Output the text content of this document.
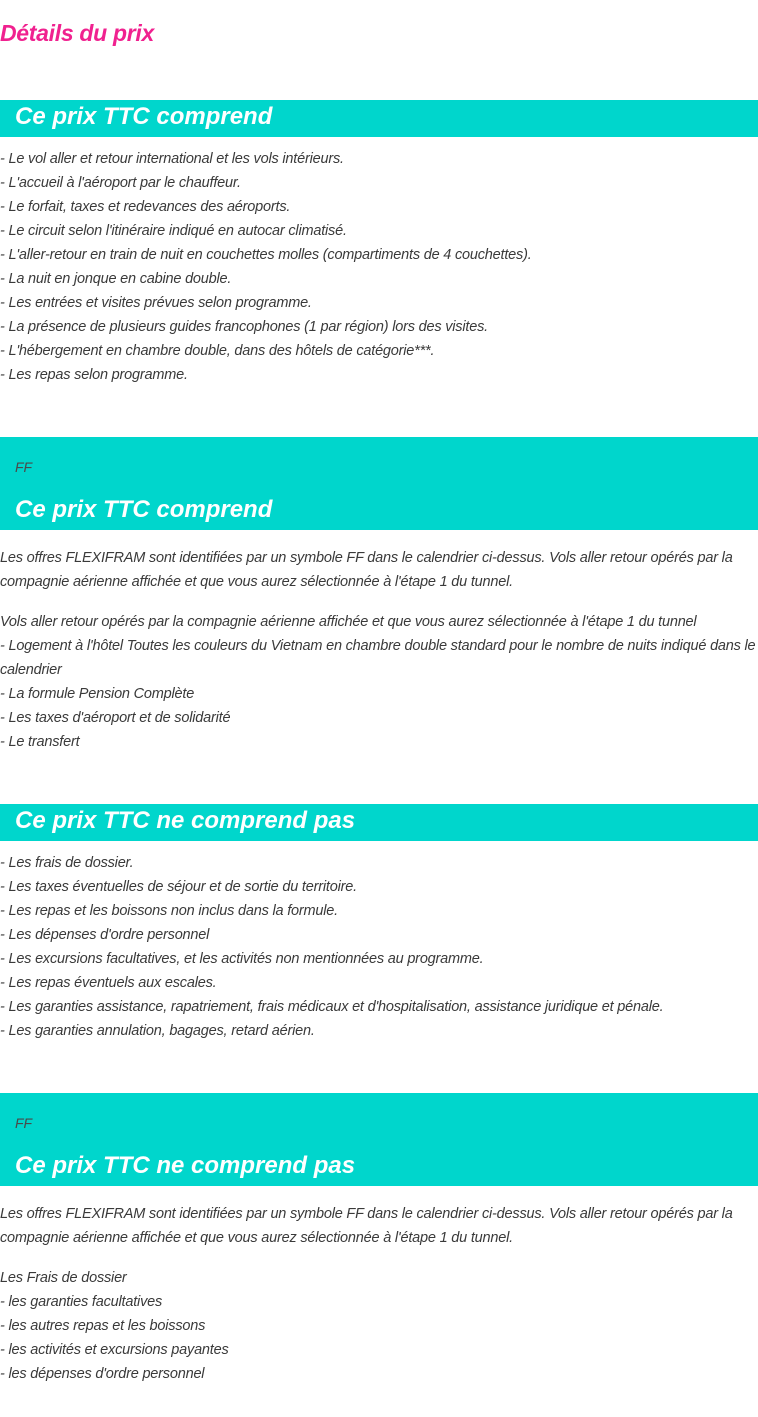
Détails du prix
Ce prix TTC comprend
- Le vol aller et retour international et les vols intérieurs.
- L'accueil à l'aéroport par le chauffeur.
- Le forfait, taxes et redevances des aéroports.
- Le circuit selon l'itinéraire indiqué en autocar climatisé.
- L'aller-retour en train de nuit en couchettes molles (compartiments de 4 couchettes).
- La nuit en jonque en cabine double.
- Les entrées et visites prévues selon programme.
- La présence de plusieurs guides francophones (1 par région) lors des visites.
- L'hébergement en chambre double, dans des hôtels de catégorie***.
- Les repas selon programme.
FF
Ce prix TTC comprend

Les offres FLEXIFRAM sont identifiées par un symbole FF dans le calendrier ci-dessus. Vols aller retour opérés par la compagnie aérienne affichée et que vous aurez sélectionnée à l'étape 1 du tunnel.

Vols aller retour opérés par la compagnie aérienne affichée et que vous aurez sélectionnée à l'étape 1 du tunnel
- Logement à l'hôtel Toutes les couleurs du Vietnam en chambre double standard pour le nombre de nuits indiqué dans le calendrier
- La formule Pension Complète
- Les taxes d'aéroport et de solidarité
- Le transfert
Ce prix TTC ne comprend pas
- Les frais de dossier.
- Les taxes éventuelles de séjour et de sortie du territoire.
- Les repas et les boissons non inclus dans la formule.
- Les dépenses d'ordre personnel
- Les excursions facultatives, et les activités non mentionnées au programme.
- Les repas éventuels aux escales.
- Les garanties assistance, rapatriement, frais médicaux et d'hospitalisation, assistance juridique et pénale.
- Les garanties annulation, bagages, retard aérien.
FF
Ce prix TTC ne comprend pas

Les offres FLEXIFRAM sont identifiées par un symbole FF dans le calendrier ci-dessus. Vols aller retour opérés par la compagnie aérienne affichée et que vous aurez sélectionnée à l'étape 1 du tunnel.

Les Frais de dossier
- les garanties facultatives
- les autres repas et les boissons
- les activités et excursions payantes
- les dépenses d'ordre personnel
